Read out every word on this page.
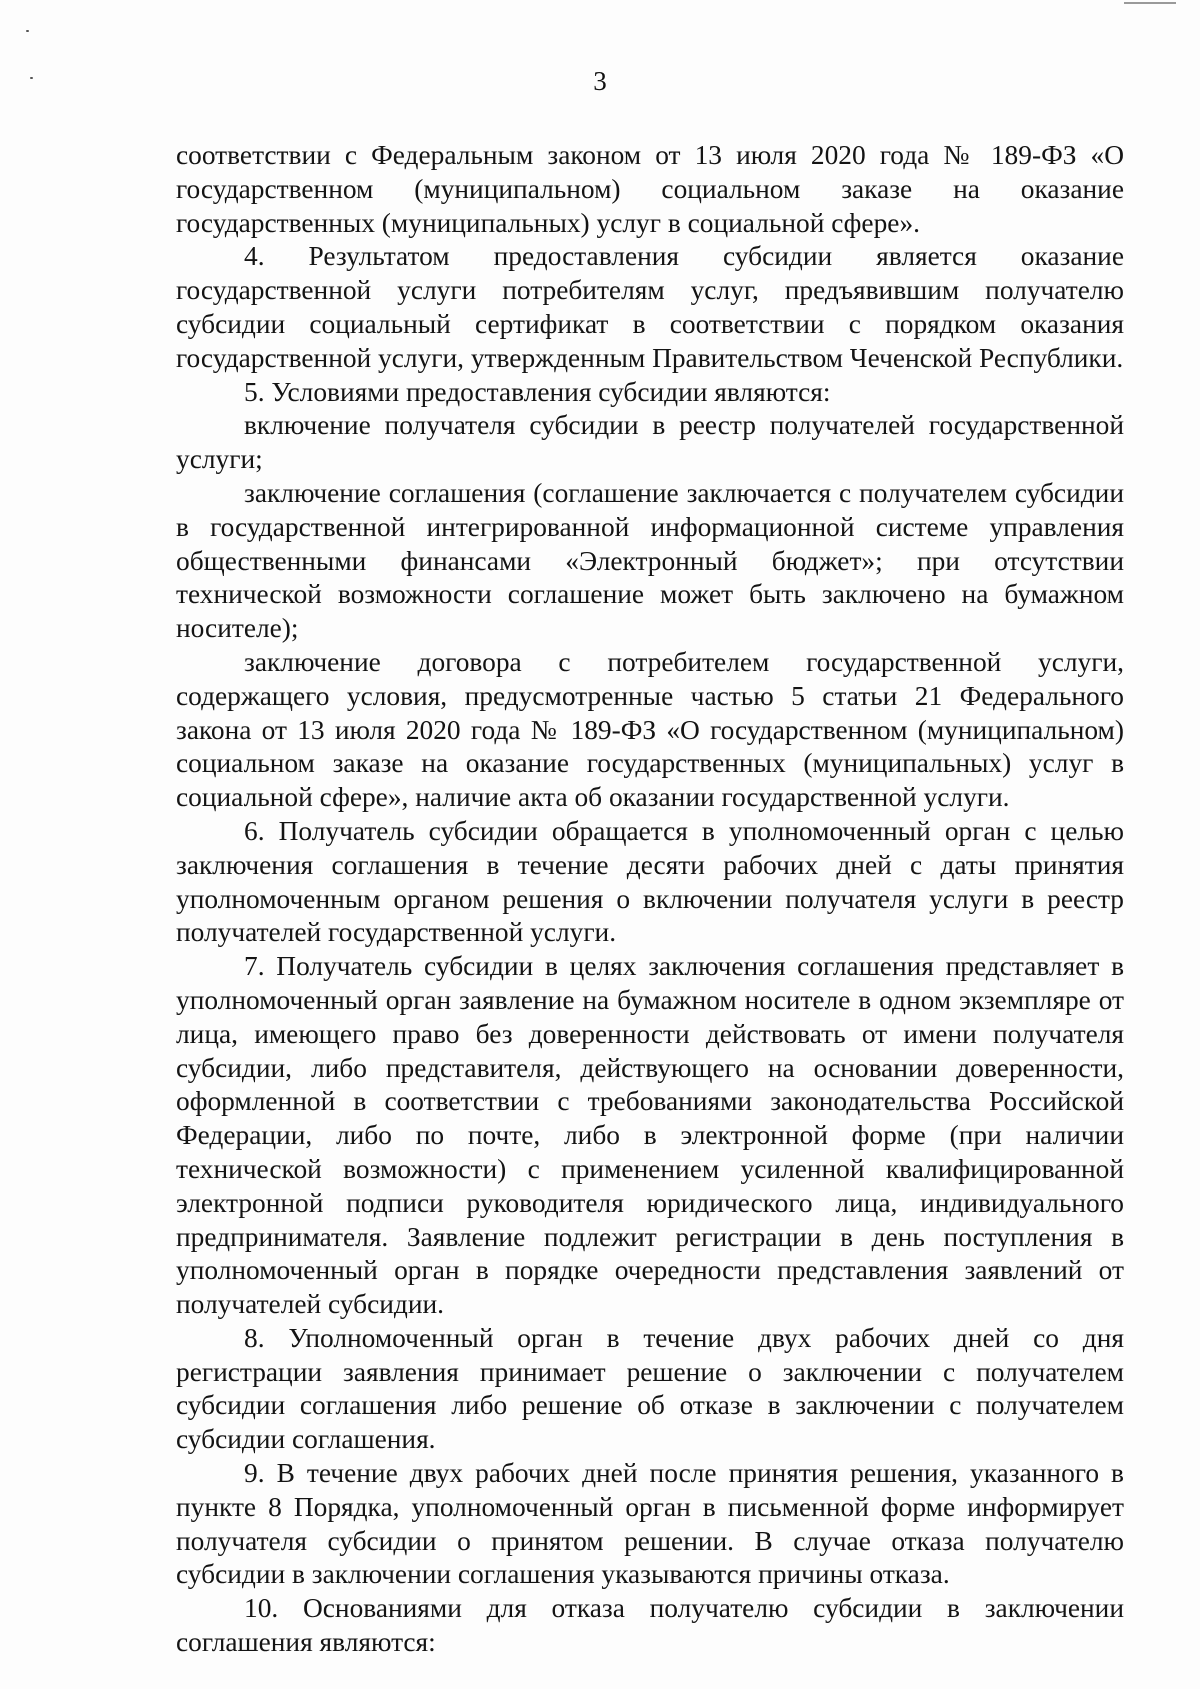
3

соответствии с Федеральным законом от 13 июля 2020 года № 189-ФЗ «О государственном (муниципальном) социальном заказе на оказание государственных (муниципальных) услуг в социальной сфере».

4. Результатом предоставления субсидии является оказание государственной услуги потребителям услуг, предъявившим получателю субсидии социальный сертификат в соответствии с порядком оказания государственной услуги, утвержденным Правительством Чеченской Республики.

5. Условиями предоставления субсидии являются:

включение получателя субсидии в реестр получателей государственной услуги;

заключение соглашения (соглашение заключается с получателем субсидии в государственной интегрированной информационной системе управления общественными финансами «Электронный бюджет»; при отсутствии технической возможности соглашение может быть заключено на бумажном носителе);

заключение договора с потребителем государственной услуги, содержащего условия, предусмотренные частью 5 статьи 21 Федерального закона от 13 июля 2020 года № 189-ФЗ «О государственном (муниципальном) социальном заказе на оказание государственных (муниципальных) услуг в социальной сфере», наличие акта об оказании государственной услуги.

6. Получатель субсидии обращается в уполномоченный орган с целью заключения соглашения в течение десяти рабочих дней с даты принятия уполномоченным органом решения о включении получателя услуги в реестр получателей государственной услуги.

7. Получатель субсидии в целях заключения соглашения представляет в уполномоченный орган заявление на бумажном носителе в одном экземпляре от лица, имеющего право без доверенности действовать от имени получателя субсидии, либо представителя, действующего на основании доверенности, оформленной в соответствии с требованиями законодательства Российской Федерации, либо по почте, либо в электронной форме (при наличии технической возможности) с применением усиленной квалифицированной электронной подписи руководителя юридического лица, индивидуального предпринимателя. Заявление подлежит регистрации в день поступления в уполномоченный орган в порядке очередности представления заявлений от получателей субсидии.

8. Уполномоченный орган в течение двух рабочих дней со дня регистрации заявления принимает решение о заключении с получателем субсидии соглашения либо решение об отказе в заключении с получателем субсидии соглашения.

9. В течение двух рабочих дней после принятия решения, указанного в пункте 8 Порядка, уполномоченный орган в письменной форме информирует получателя субсидии о принятом решении. В случае отказа получателю субсидии в заключении соглашения указываются причины отказа.

10. Основаниями для отказа получателю субсидии в заключении соглашения являются:
